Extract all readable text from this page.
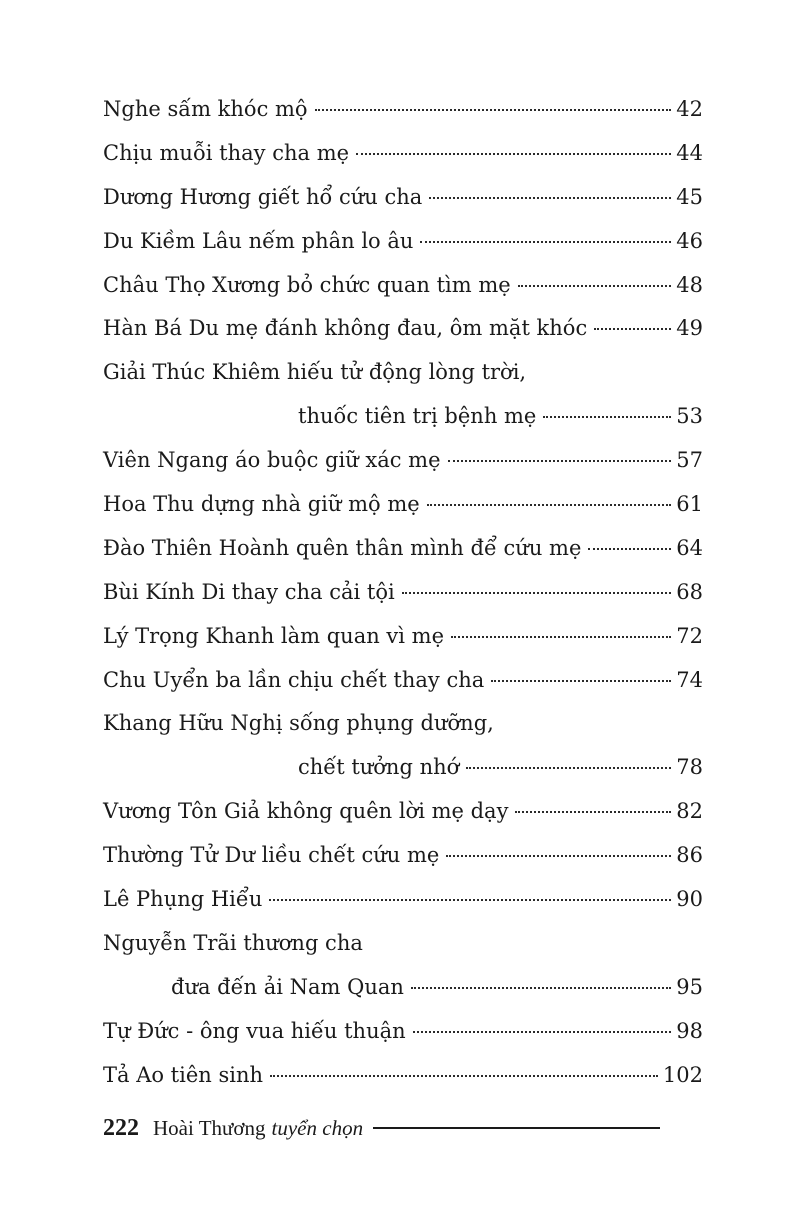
Nghe sấm khóc mộ	42
Chịu muỗi thay cha mẹ	44
Dương Hương giết hổ cứu cha	45
Du Kiềm Lâu nếm phân lo âu	46
Châu Thọ Xương bỏ chức quan tìm mẹ	48
Hàn Bá Du mẹ đánh không đau, ôm mặt khóc	49
Giải Thúc Khiêm hiếu tử động lòng trời,
thuốc tiên trị bệnh mẹ	53
Viên Ngang áo buộc giữ xác mẹ	57
Hoa Thu dựng nhà giữ mộ mẹ	61
Đào Thiên Hoành quên thân mình để cứu mẹ	64
Bùi Kính Di thay cha cải tội	68
Lý Trọng Khanh làm quan vì mẹ	72
Chu Uyển ba lần chịu chết thay cha	74
Khang Hữu Nghị sống phụng dưỡng,
chết tưởng nhớ	78
Vương Tôn Giả không quên lời mẹ dạy	82
Thường Tử Dư liều chết cứu mẹ	86
Lê Phụng Hiểu	90
Nguyễn Trãi thương cha
đưa đến ải Nam Quan	95
Tự Đức - ông vua hiếu thuận	98
Tả Ao tiên sinh	102
222 Hoài Thương tuyển chọn
